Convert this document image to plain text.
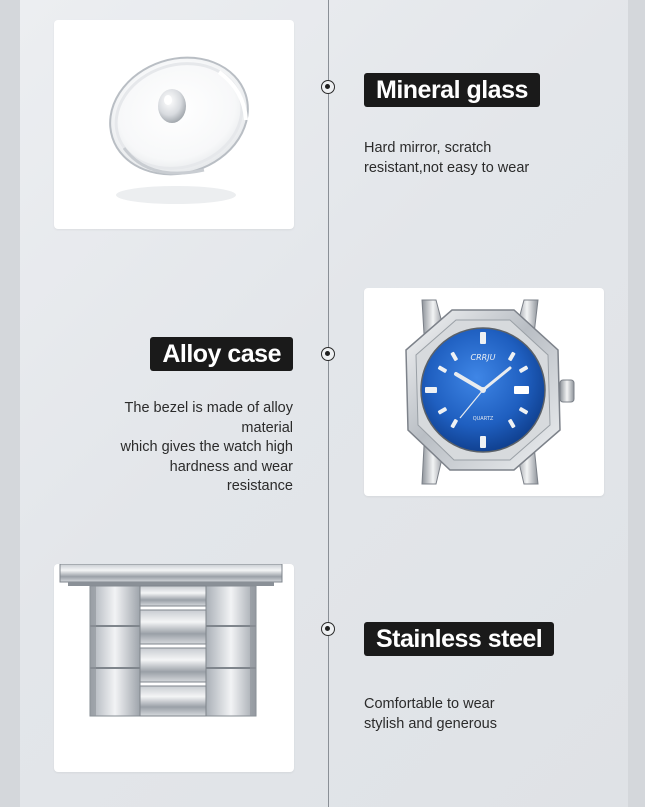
Mineral glass
Hard mirror, scratch
resistant,not easy to wear
Alloy case
The bezel is made of alloy
material
which gives the watch high
hardness and wear
resistance
CRRJU
QUARTZ
Stainless steel
Comfortable to wear
stylish and generous
